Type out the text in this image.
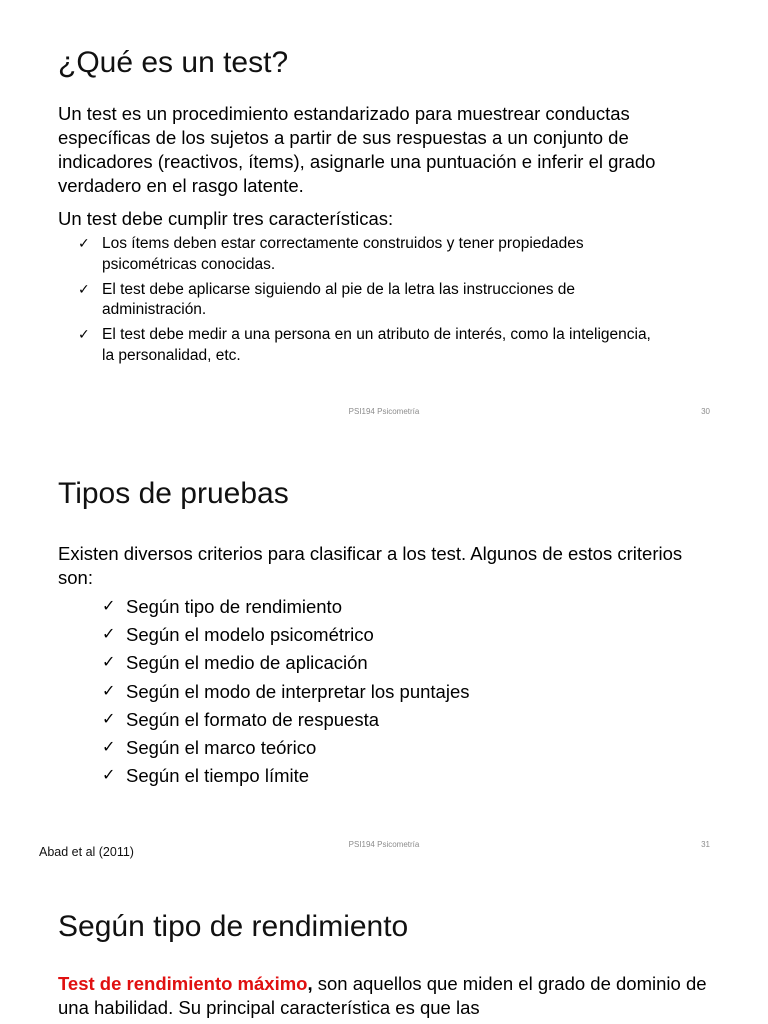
¿Qué es un test?

Un test es un procedimiento estandarizado para muestrear conductas específicas de los sujetos a partir de sus respuestas a un conjunto de indicadores (reactivos, ítems), asignarle una puntuación e inferir el grado verdadero en el rasgo latente.

Un test debe cumplir tres características:

✓ Los ítems deben estar correctamente construidos y tener propiedades psicométricas conocidas.
✓ El test debe aplicarse siguiendo al pie de la letra las instrucciones de administración.
✓ El test debe medir a una persona en un atributo de interés, como la inteligencia, la personalidad, etc.

PSI194 Psicometría	30

Tipos de pruebas

Existen diversos criterios para clasificar a los test. Algunos de estos criterios son:

✓ Según tipo de rendimiento
✓ Según el modelo psicométrico
✓ Según el medio de aplicación
✓ Según el modo de interpretar los puntajes
✓ Según el formato de respuesta
✓ Según el marco teórico
✓ Según el tiempo límite

Abad et al (2011)

PSI194 Psicometría	31

Según tipo de rendimiento

Test de rendimiento máximo, son aquellos que miden el grado de dominio de una habilidad. Su principal característica es que las
